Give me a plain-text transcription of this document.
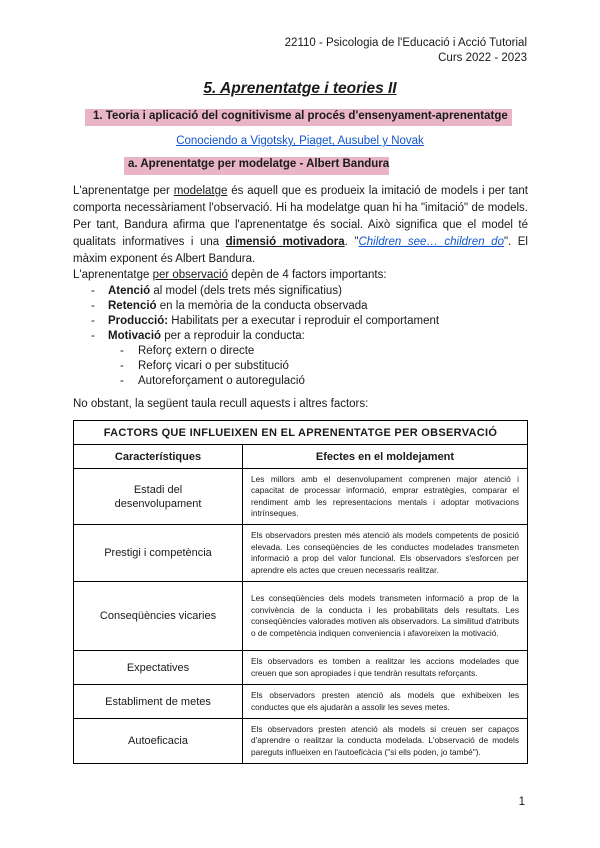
22110 - Psicologia de l'Educació i Acció Tutorial
Curs 2022 - 2023
5. Aprenentatge i teories II
1. Teoria i aplicació del cognitivisme al procés d'ensenyament-aprenentatge
Conociendo a Vigotsky, Piaget, Ausubel y Novak
a. Aprenentatge per modelatge - Albert Bandura
L'aprenentatge per modelatge és aquell que es produeix la imitació de models i per tant comporta necessàriament l'observació. Hi ha modelatge quan hi ha "imitació" de models. Per tant, Bandura afirma que l'aprenentatge és social. Això significa que el model té qualitats informatives i una dimensió motivadora. "Children see… children do". El màxim exponent és Albert Bandura.
L'aprenentatge per observació depèn de 4 factors importants:
- Atenció al model (dels trets més significatius)
- Retenció en la memòria de la conducta observada
- Producció: Habilitats per a executar i reproduir el comportament
- Motivació per a reproduir la conducta:
- Reforç extern o directe
- Reforç vicari o per substitució
- Autoreforçament o autoregulació
No obstant, la següent taula recull aquests i altres factors:
FACTORS QUE INFLUEIXEN EN EL APRENENTATGE PER OBSERVACIÓ	
Característiques	Efectes en el moldejament
Estadi del desenvolupament	Les millors amb el desenvolupament comprenen major atenció i capacitat de processar informació, emprar estratègies, comparar el rendiment amb les representacions mentals i adoptar motivacions intrínseques.
Prestigi i competència	Els observadors presten més atenció als models competents de posició elevada. Les conseqüències de les conductes modelades transmeten informació a prop del valor funcional. Els observadors s'esforcen per aprendre els actes que creuen necessaris realitzar.
Conseqüències vicaries	Les conseqüències dels models transmeten informació a prop de la convivència de la conducta i les probabilitats dels resultats. Les conseqüències valorades motiven als observadors. La similitud d'atributs o de competència indiquen conveniencia i afavoreixen la motivació.
Expectatives	Els observadors es tomben a realitzar les accions modelades que creuen que son apropiades i que tendràn resultats reforçants.
Establiment de metes	Els observadors presten atenció als models que exhibeixen les conductes que els ajudaràn a assolir les seves metes.
Autoeficacia	Els observadors presten atenció als models si creuen ser capaços d'aprendre o realitzar la conducta modelada. L'observació de models pareguts influeixen en l'autoeficàcia ("si ells poden, jo també").
1
